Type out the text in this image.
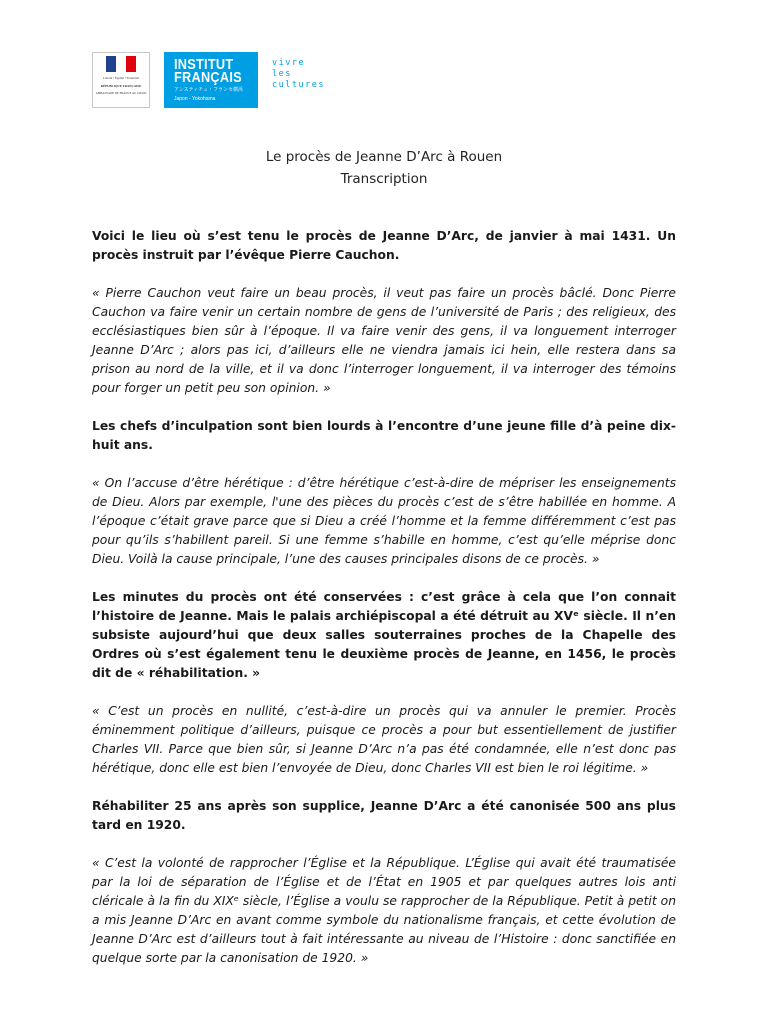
Liberté • Égalité • Fraternité
RÉPUBLIQUE FRANÇAISE
AMBASSADE DE FRANCE AU JAPON
INSTITUT
FRANÇAIS
アンスティチュ・フランセ横浜
Japon - Yokohama
vivre
les
cultures
Le procès de Jeanne D’Arc à Rouen
Transcription

Voici le lieu où s’est tenu le procès de Jeanne D’Arc, de janvier à mai 1431. Un procès instruit par l’évêque Pierre Cauchon.

« Pierre Cauchon veut faire un beau procès, il veut pas faire un procès bâclé. Donc Pierre Cauchon va faire venir un certain nombre de gens de l’université de Paris ; des religieux, des ecclésiastiques bien sûr à l’époque. Il va faire venir des gens, il va longuement interroger Jeanne D’Arc ; alors pas ici, d’ailleurs elle ne viendra jamais ici hein, elle restera dans sa prison au nord de la ville, et il va donc l’interroger longuement, il va interroger des témoins pour forger un petit peu son opinion. »

Les chefs d’inculpation sont bien lourds à l’encontre d’une jeune fille d’à peine dix-huit ans.

« On l’accuse d’être hérétique : d’être hérétique c’est-à-dire de mépriser les enseignements de Dieu. Alors par exemple, l'une des pièces du procès c’est de s’être habillée en homme. A l’époque c’était grave parce que si Dieu a créé l’homme et la femme différemment c’est pas pour qu’ils s’habillent pareil. Si une femme s’habille en homme, c’est qu’elle méprise donc Dieu. Voilà la cause principale, l’une des causes principales disons de ce procès. »

Les minutes du procès ont été conservées : c’est grâce à cela que l’on connait l’histoire de Jeanne. Mais le palais archiépiscopal a été détruit au XVᵉ siècle. Il n’en subsiste aujourd’hui que deux salles souterraines proches de la Chapelle des Ordres où s’est également tenu le deuxième procès de Jeanne, en 1456, le procès dit de « réhabilitation. »

« C’est un procès en nullité, c’est-à-dire un procès qui va annuler le premier. Procès éminemment politique d’ailleurs, puisque ce procès a pour but essentiellement de justifier Charles VII. Parce que bien sûr, si Jeanne D’Arc n’a pas été condamnée, elle n’est donc pas hérétique, donc elle est bien l’envoyée de Dieu, donc Charles VII est bien le roi légitime. »

Réhabiliter 25 ans après son supplice, Jeanne D’Arc a été canonisée 500 ans plus tard en 1920.

« C’est la volonté de rapprocher l’Église et la République. L’Église qui avait été traumatisée par la loi de séparation de l’Église et de l’État en 1905 et par quelques autres lois anti cléricale à la fin du XIXᵉ siècle, l’Église a voulu se rapprocher de la République. Petit à petit on a mis Jeanne D’Arc en avant comme symbole du nationalisme français, et cette évolution de Jeanne D’Arc est d’ailleurs tout à fait intéressante au niveau de l’Histoire : donc sanctifiée en quelque sorte par la canonisation de 1920. »
